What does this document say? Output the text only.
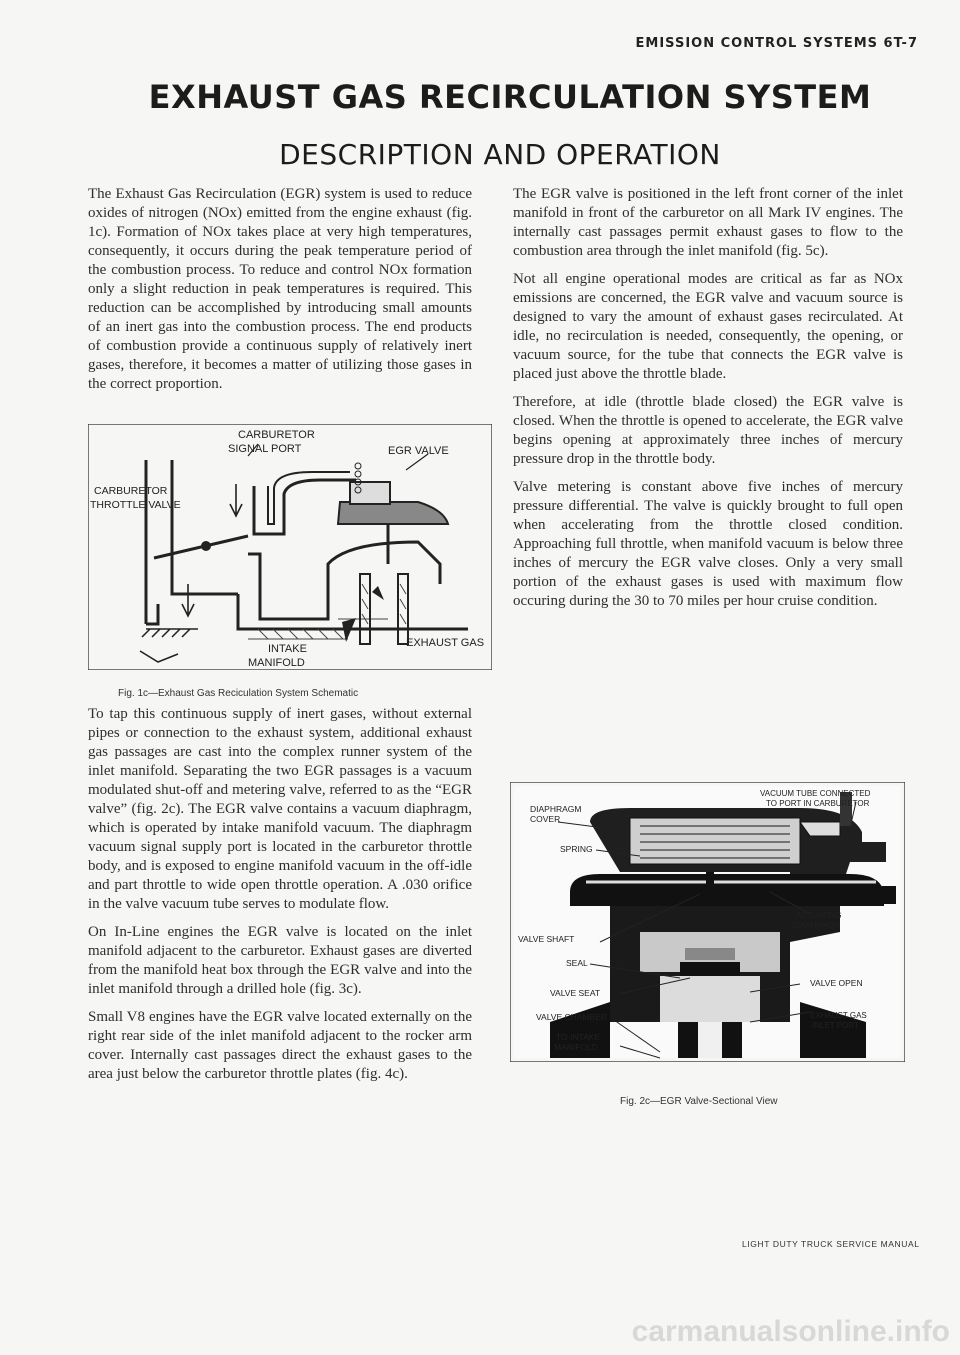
EMISSION CONTROL SYSTEMS 6T-7
EXHAUST GAS RECIRCULATION SYSTEM
DESCRIPTION AND OPERATION

The Exhaust Gas Recirculation (EGR) system is used to reduce oxides of nitrogen (NOx) emitted from the engine exhaust (fig. 1c). Formation of NOx takes place at very high temperatures, consequently, it occurs during the peak temperature period of the combustion process. To reduce and control NOx formation only a slight reduction in peak temperatures is required. This reduction can be accomplished by introducing small amounts of an inert gas into the combustion process. The end products of combustion provide a continuous supply of relatively inert gases, therefore, it becomes a matter of utilizing those gases in the correct proportion.

CARBURETOR
SIGNAL PORT	EGR VALVE
CARBURETOR
THROTTLE VALVE
EXHAUST GAS
INTAKE
MANIFOLD
Fig. 1c—Exhaust Gas Reciculation System Schematic

To tap this continuous supply of inert gases, without external pipes or connection to the exhaust system, additional exhaust gas passages are cast into the complex runner system of the inlet manifold. Separating the two EGR passages is a vacuum modulated shut-off and metering valve, referred to as the “EGR valve” (fig. 2c). The EGR valve contains a vacuum diaphragm, which is operated by intake manifold vacuum. The diaphragm vacuum signal supply port is located in the carburetor throttle body, and is exposed to engine manifold vacuum in the off-idle and part throttle to wide open throttle operation. A .030 orifice in the valve vacuum tube serves to modulate flow.

On In-Line engines the EGR valve is located on the inlet manifold adjacent to the carburetor. Exhaust gases are diverted from the manifold heat box through the EGR valve and into the inlet manifold through a drilled hole (fig. 3c).

Small V8 engines have the EGR valve located externally on the right rear side of the inlet manifold adjacent to the rocker arm cover. Internally cast passages direct the exhaust gases to the area just below the carburetor throttle plates (fig. 4c).

The EGR valve is positioned in the left front corner of the inlet manifold in front of the carburetor on all Mark IV engines. The internally cast passages permit exhaust gases to flow to the combustion area through the inlet manifold (fig. 5c).

Not all engine operational modes are critical as far as NOx emissions are concerned, the EGR valve and vacuum source is designed to vary the amount of exhaust gases recirculated. At idle, no recirculation is needed, consequently, the opening, or vacuum source, for the tube that connects the EGR valve is placed just above the throttle blade.

Therefore, at idle (throttle blade closed) the EGR valve is closed. When the throttle is opened to accelerate, the EGR valve begins opening at approximately three inches of mercury pressure drop in the throttle body.

Valve metering is constant above five inches of mercury pressure differential. The valve is quickly brought to full open when accelerating from the throttle closed condition. Approaching full throttle, when manifold vacuum is below three inches of mercury the EGR valve closes. Only a very small portion of the exhaust gases is used with maximum flow occuring during the 30 to 70 miles per hour cruise condition.

VACUUM TUBE CONNECTED
TO PORT IN CARBURETOR
DIAPHRAGM
COVER
SPRING
ACTUATING
DIAPHRAGM
VALVE SHAFT
SEAL
VALVE OPEN
VALVE SEAT
VALVE CHAMBER	EXHAUST GAS
INLET PORT
TO INTAKE
MANIFOLD
Fig. 2c—EGR Valve-Sectional View
LIGHT DUTY TRUCK SERVICE MANUAL
carmanualsonline.info
